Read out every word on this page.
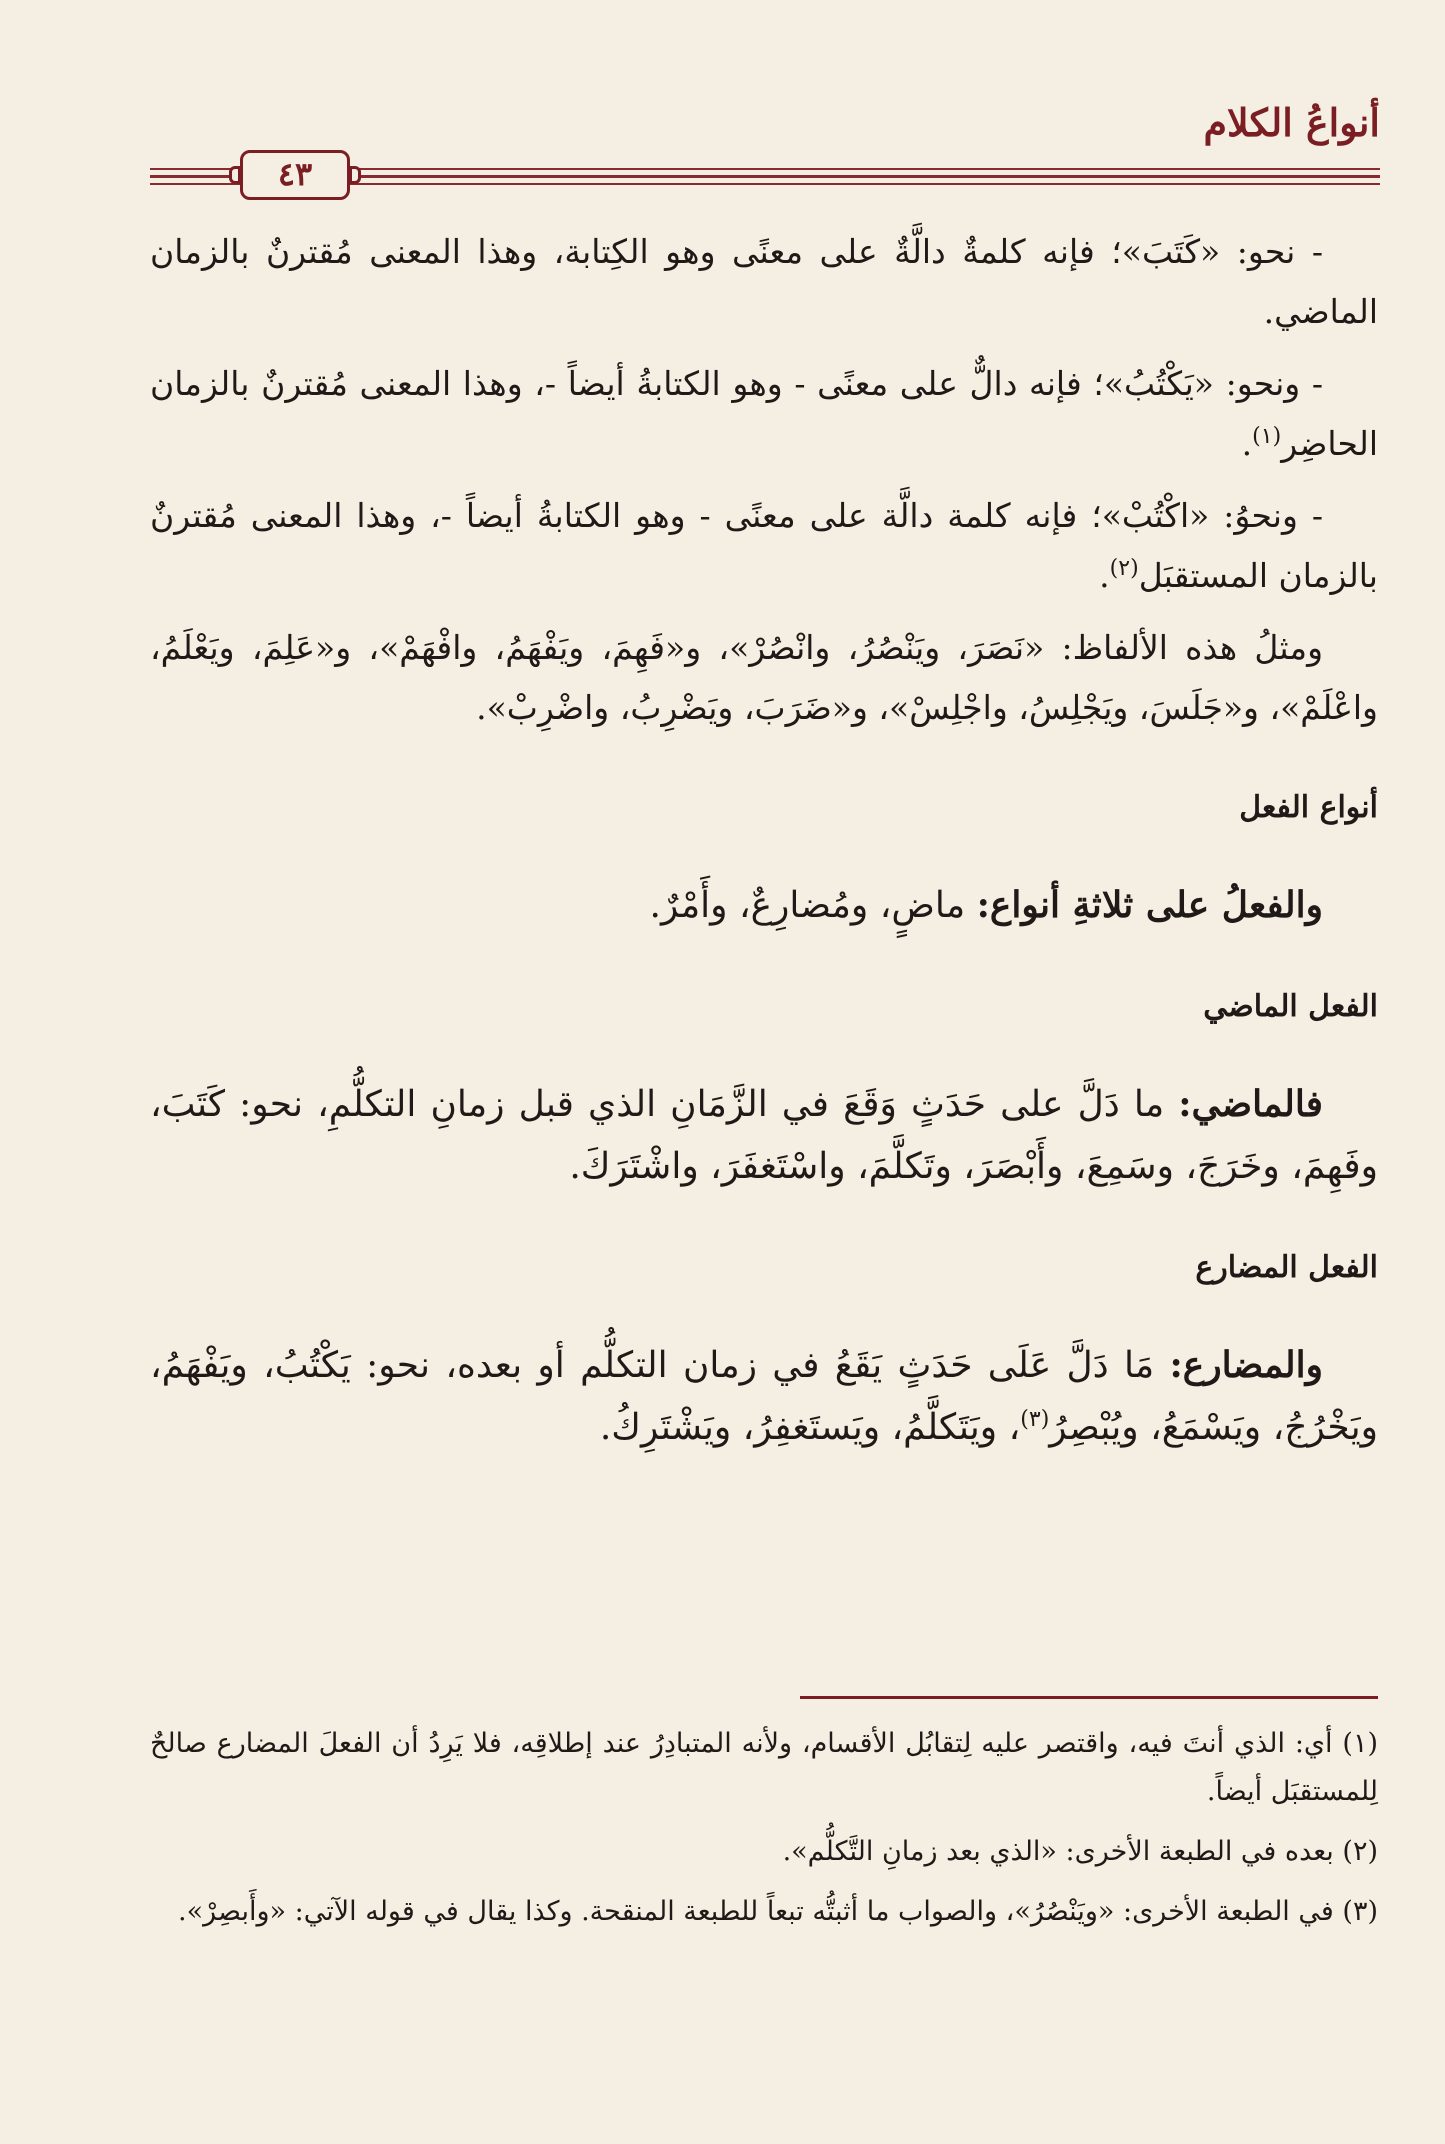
أنواعُ الكلام
٤٣

- نحو: «كَتَبَ»؛ فإنه كلمةٌ دالَّةٌ على معنًى وهو الكِتابة، وهذا المعنى مُقترنٌ بالزمان الماضي.

- ونحو: «يَكْتُبُ»؛ فإنه دالٌّ على معنًى - وهو الكتابةُ أيضاً -، وهذا المعنى مُقترنٌ بالزمان الحاضِر$^{(١)}$.

- ونحوُ: «اكْتُبْ»؛ فإنه كلمة دالَّة على معنًى - وهو الكتابةُ أيضاً -، وهذا المعنى مُقترنٌ بالزمان المستقبَل$^{(٢)}$.

ومثلُ هذه الألفاظ: «نَصَرَ، ويَنْصُرُ، وانْصُرْ»، و«فَهِمَ، ويَفْهَمُ، وافْهَمْ»، و«عَلِمَ، ويَعْلَمُ، واعْلَمْ»، و«جَلَسَ، ويَجْلِسُ، واجْلِسْ»، و«ضَرَبَ، ويَضْرِبُ، واضْرِبْ».

أنواع الفعل

والفعلُ على ثلاثةِ أنواع: ماضٍ، ومُضارِعٌ، وأَمْرٌ.

الفعل الماضي

فالماضي: ما دَلَّ على حَدَثٍ وَقَعَ في الزَّمَانِ الذي قبل زمانِ التكلُّمِ، نحو: كَتَبَ، وفَهِمَ، وخَرَجَ، وسَمِعَ، وأَبْصَرَ، وتَكلَّمَ، واسْتَغفَرَ، واشْتَرَكَ.

الفعل المضارع

والمضارع: مَا دَلَّ عَلَى حَدَثٍ يَقَعُ في زمان التكلُّم أو بعده، نحو: يَكْتُبُ، ويَفْهَمُ، ويَخْرُجُ، ويَسْمَعُ، ويُبْصِرُ$^{(٣)}$، ويَتَكلَّمُ، ويَستَغفِرُ، ويَشْتَرِكُ.

(١) أي: الذي أنتَ فيه، واقتصر عليه لِتقابُل الأقسام، ولأنه المتبادِرُ عند إطلاقِه، فلا يَرِدُ أن الفعلَ المضارع صالحٌ لِلمستقبَل أيضاً.

(٢) بعده في الطبعة الأخرى: «الذي بعد زمانِ التَّكلُّم».

(٣) في الطبعة الأخرى: «ويَنْصُرُ»، والصواب ما أثبتُّه تبعاً للطبعة المنقحة. وكذا يقال في قوله الآتي: «وأَبصِرْ».
